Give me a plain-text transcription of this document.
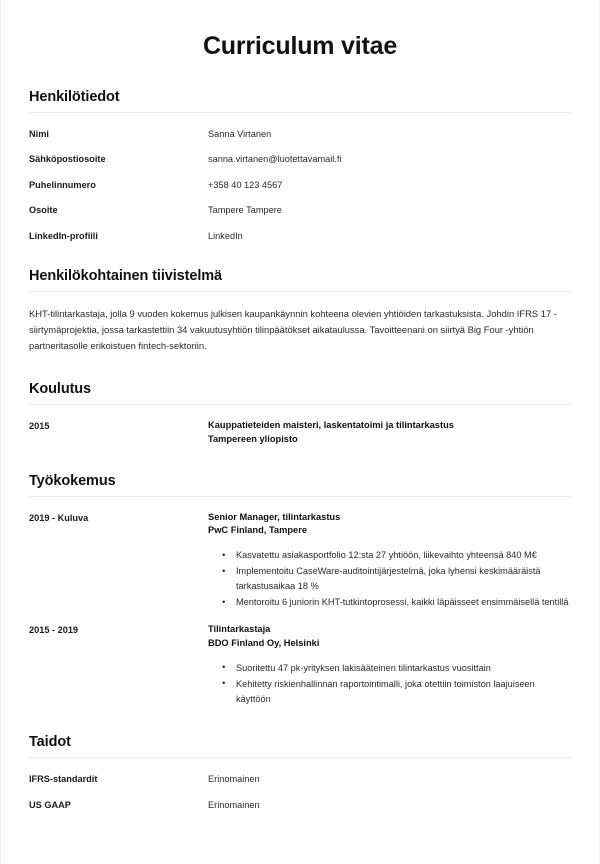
Curriculum vitae
Henkilötiedot
Nimi	Sanna Virtanen
Sähköpostiosoite	sanna.virtanen@luotettavamail.fi
Puhelinnumero	+358 40 123 4567
Osoite	Tampere Tampere
LinkedIn-profiili	LinkedIn
Henkilökohtainen tiivistelmä

KHT-tilintarkastaja, jolla 9 vuoden kokemus julkisen kaupankäynnin kohteena olevien yhtiöiden tarkastuksista. Johdin IFRS 17 -siirtymäprojektia, jossa tarkastettiin 34 vakuutusyhtiön tilinpäätökset aikataulussa. Tavoitteenani on siirtyä Big Four -yhtiön partneritasolle erikoistuen fintech-sektoriin.

Koulutus
2015	Kauppatieteiden maisteri, laskentatoimi ja tilintarkastus
Tampereen yliopisto
Työkokemus
2019 - Kuluva	Senior Manager, tilintarkastus
PwC Finland, Tampere
• Kasvatettu asiakasportfolio 12:sta 27 yhtiöön, liikevaihto yhteensä 840 M€
• Implementoitu CaseWare-auditointijärjestelmä, joka lyhensi keskimääräistä tarkastusaikaa 18 %
• Mentoroitu 6 juniorin KHT-tutkintoprosessi, kaikki läpäisseet ensimmäisellä tentillä
2015 - 2019	Tilintarkastaja
BDO Finland Oy, Helsinki
• Suoritettu 47 pk-yrityksen lakisääteinen tilintarkastus vuosittain
• Kehitetty riskienhallinnan raportointimalli, joka otettiin toimiston laajuiseen käyttöön
Taidot
IFRS-standardit	Erinomainen
US GAAP	Erinomainen
